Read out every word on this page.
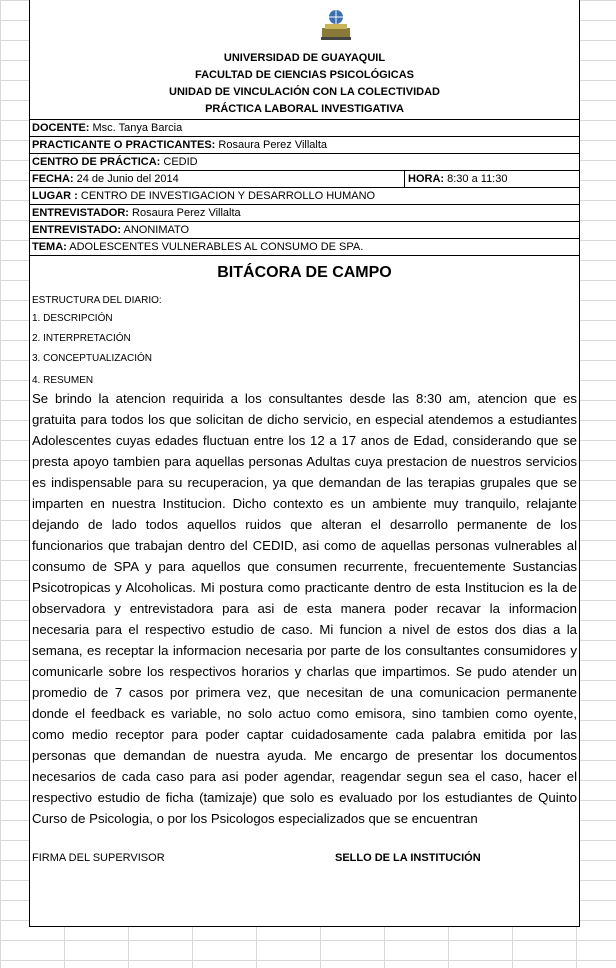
UNIVERSIDAD DE GUAYAQUIL
FACULTAD DE CIENCIAS PSICOLÓGICAS
UNIDAD DE VINCULACIÓN CON LA COLECTIVIDAD
PRÁCTICA LABORAL INVESTIGATIVA
DOCENTE: Msc. Tanya Barcia
PRACTICANTE O PRACTICANTES: Rosaura Perez Villalta
CENTRO DE PRÁCTICA: CEDID
FECHA: 24 de Junio del 2014	HORA: 8:30 a 11:30
LUGAR : CENTRO DE INVESTIGACION Y DESARROLLO HUMANO
ENTREVISTADOR: Rosaura Perez Villalta
ENTREVISTADO: ANONIMATO
TEMA: ADOLESCENTES VULNERABLES AL CONSUMO DE SPA.
BITÁCORA DE CAMPO
ESTRUCTURA DEL DIARIO:
1. DESCRIPCIÓN
2. INTERPRETACIÓN
3. CONCEPTUALIZACIÓN
4. RESUMEN
Se brindo la atencion requirida a los consultantes desde las 8:30 am, atencion que es gratuita para todos los que solicitan de dicho servicio, en especial atendemos a estudiantes Adolescentes cuyas edades fluctuan entre los 12 a 17 anos de Edad, considerando que se presta apoyo tambien para aquellas personas Adultas cuya prestacion de nuestros servicios es indispensable para su recuperacion, ya que demandan de las terapias grupales que se imparten en nuestra Institucion. Dicho contexto es un ambiente muy tranquilo, relajante dejando de lado todos aquellos ruidos que alteran el desarrollo permanente de los funcionarios que trabajan dentro del CEDID, asi como de aquellas personas vulnerables al consumo de SPA y para aquellos que consumen recurrente, frecuentemente Sustancias Psicotropicas y Alcoholicas. Mi postura como practicante dentro de esta Institucion es la de observadora y entrevistadora para asi de esta manera poder recavar la informacion necesaria para el respectivo estudio de caso. Mi funcion a nivel de estos dos dias a la semana, es receptar la informacion necesaria por parte de los consultantes consumidores y comunicarle sobre los respectivos horarios y charlas que impartimos. Se pudo atender un promedio de 7 casos por primera vez, que necesitan de una comunicacion permanente donde el feedback es variable, no solo actuo como emisora, sino tambien como oyente, como medio receptor para poder captar cuidadosamente cada palabra emitida por las personas que demandan de nuestra ayuda. Me encargo de presentar los documentos necesarios de cada caso para asi poder agendar, reagendar segun sea el caso, hacer el respectivo estudio de ficha (tamizaje) que solo es evaluado por los estudiantes de Quinto Curso de Psicologia, o por los Psicologos especializados que se encuentran
FIRMA DEL SUPERVISOR	SELLO DE LA INSTITUCIÓN
